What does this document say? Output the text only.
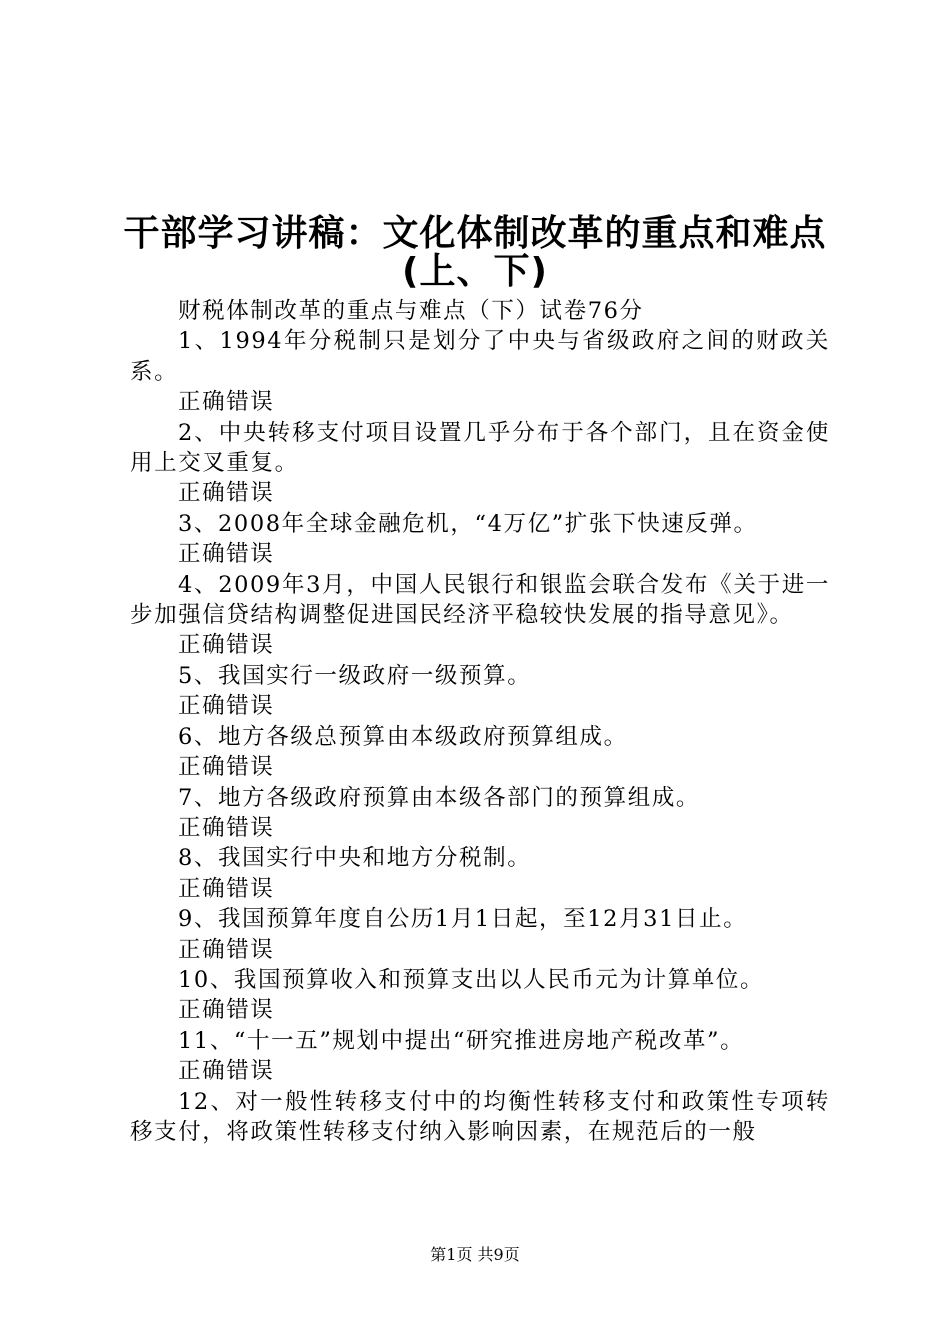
干部学习讲稿：文化体制改革的重点和难点
(上、下)

财税体制改革的重点与难点（下）试卷76分

1、1994年分税制只是划分了中央与省级政府之间的财政关系。

正确错误

2、中央转移支付项目设置几乎分布于各个部门，且在资金使用上交叉重复。

正确错误

3、2008年全球金融危机，“4万亿”扩张下快速反弹。

正确错误

4、2009年3月，中国人民银行和银监会联合发布《关于进一步加强信贷结构调整促进国民经济平稳较快发展的指导意见》。

正确错误

5、我国实行一级政府一级预算。

正确错误

6、地方各级总预算由本级政府预算组成。

正确错误

7、地方各级政府预算由本级各部门的预算组成。

正确错误

8、我国实行中央和地方分税制。

正确错误

9、我国预算年度自公历1月1日起，至12月31日止。

正确错误

10、我国预算收入和预算支出以人民币元为计算单位。

正确错误

11、“十一五”规划中提出“研究推进房地产税改革”。

正确错误

12、对一般性转移支付中的均衡性转移支付和政策性专项转移支付，将政策性转移支付纳入影响因素，在规范后的一般

第1页 共9页
